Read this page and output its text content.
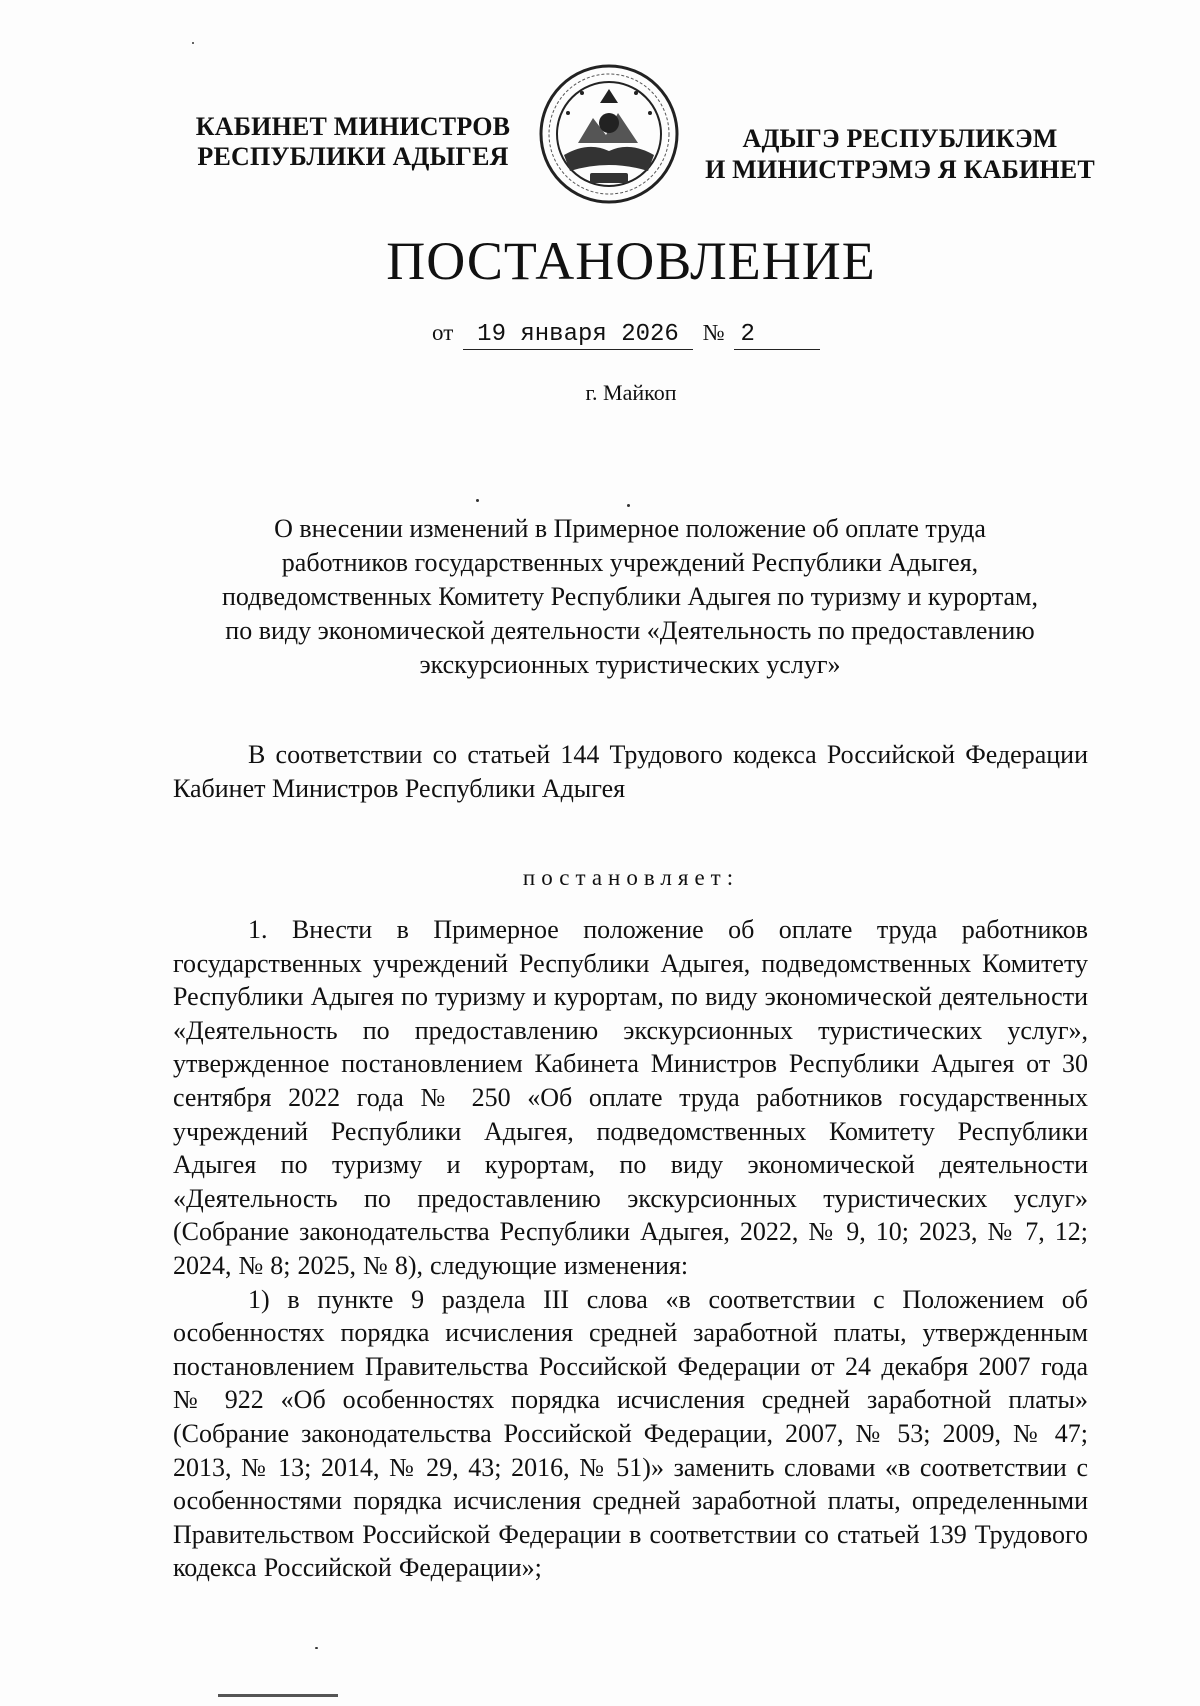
КАБИНЕТ МИНИСТРОВ
РЕСПУБЛИКИ АДЫГЕЯ
АДЫГЭ РЕСПУБЛИКЭМ
И МИНИСТРЭМЭ Я КАБИНЕТ
ПОСТАНОВЛЕНИЕ
от 19 января 2026 № 2
г. Майкоп
О внесении изменений в Примерное положение об оплате труда
работников государственных учреждений Республики Адыгея,
подведомственных Комитету Республики Адыгея по туризму и курортам,
по виду экономической деятельности «Деятельность по предоставлению
экскурсионных туристических услуг»

В соответствии со статьей 144 Трудового кодекса Российской Федерации Кабинет Министров Республики Адыгея

постановляет:

1. Внести в Примерное положение об оплате труда работников государственных учреждений Республики Адыгея, подведомственных Комитету Республики Адыгея по туризму и курортам, по виду экономической деятельности «Деятельность по предоставлению экскурсионных туристических услуг», утвержденное постановлением Кабинета Министров Республики Адыгея от 30 сентября 2022 года № 250 «Об оплате труда работников государственных учреждений Республики Адыгея, подведомственных Комитету Республики Адыгея по туризму и курортам, по виду экономической деятельности «Деятельность по предоставлению экскурсионных туристических услуг» (Собрание законодательства Республики Адыгея, 2022, № 9, 10; 2023, № 7, 12; 2024, № 8; 2025, № 8), следующие изменения:

1) в пункте 9 раздела III слова «в соответствии с Положением об особенностях порядка исчисления средней заработной платы, утвержденным постановлением Правительства Российской Федерации от 24 декабря 2007 года № 922 «Об особенностях порядка исчисления средней заработной платы» (Собрание законодательства Российской Федерации, 2007, № 53; 2009, № 47; 2013, № 13; 2014, № 29, 43; 2016, № 51)» заменить словами «в соответствии с особенностями порядка исчисления средней заработной платы, определенными Правительством Российской Федерации в соответствии со статьей 139 Трудового кодекса Российской Федерации»;
